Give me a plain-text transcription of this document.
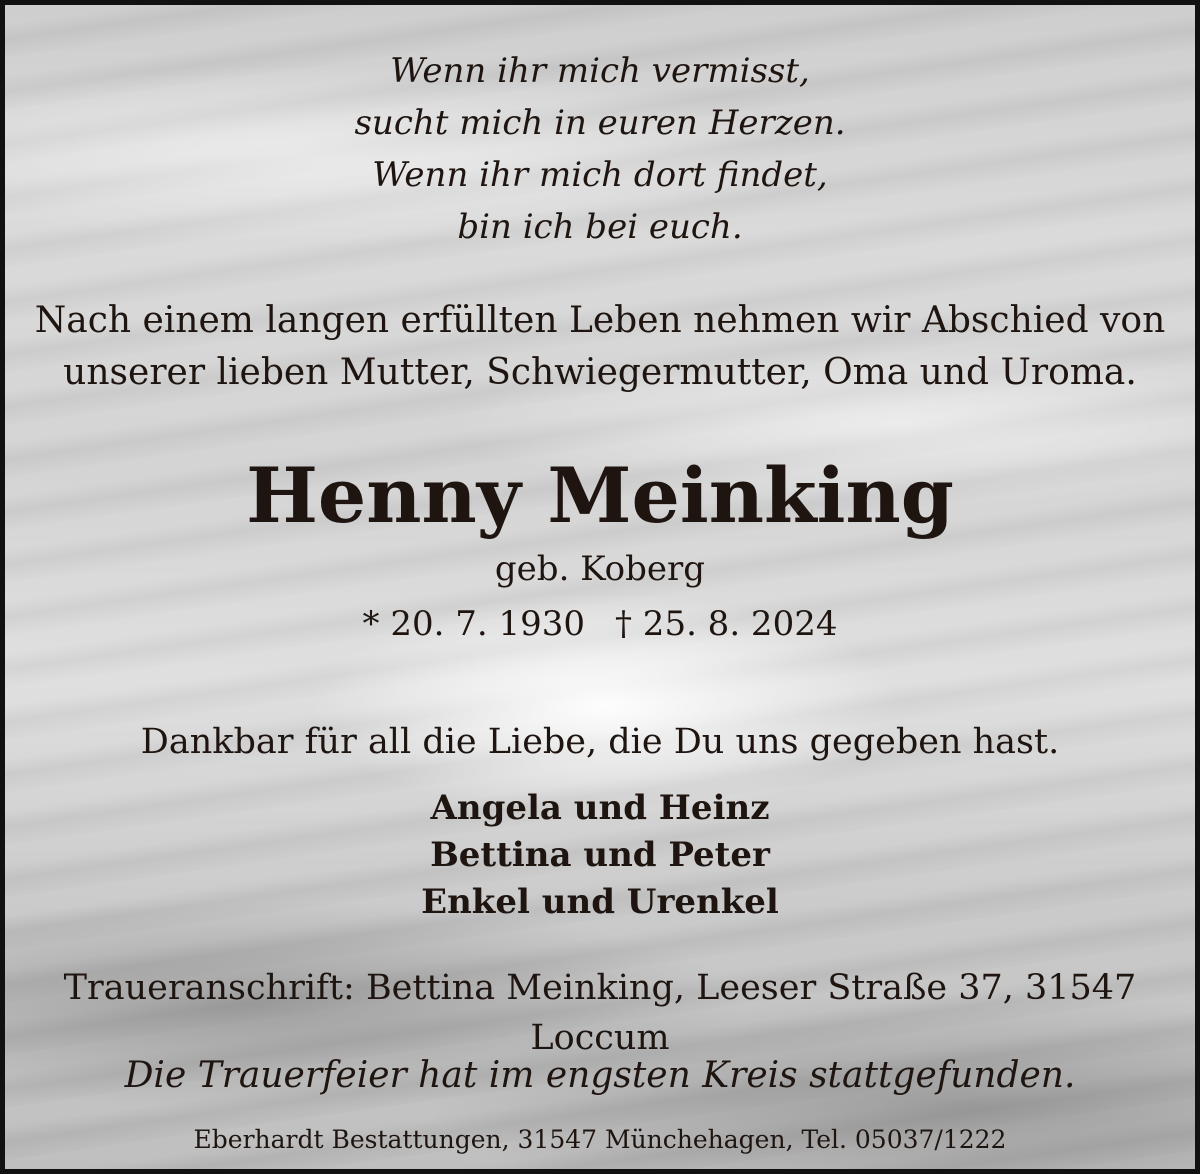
Wenn ihr mich vermisst,
sucht mich in euren Herzen.
Wenn ihr mich dort findet,
bin ich bei euch.
Nach einem langen erfüllten Leben nehmen wir Abschied von
unserer lieben Mutter, Schwiegermutter, Oma und Uroma.
Henny Meinking
geb. Koberg
* 20. 7. 1930 † 25. 8. 2024
Dankbar für all die Liebe, die Du uns gegeben hast.
Angela und Heinz
Bettina und Peter
Enkel und Urenkel
Traueranschrift: Bettina Meinking, Leeser Straße 37, 31547 Loccum
Die Trauerfeier hat im engsten Kreis stattgefunden.
Eberhardt Bestattungen, 31547 Münchehagen, Tel. 05037/1222
